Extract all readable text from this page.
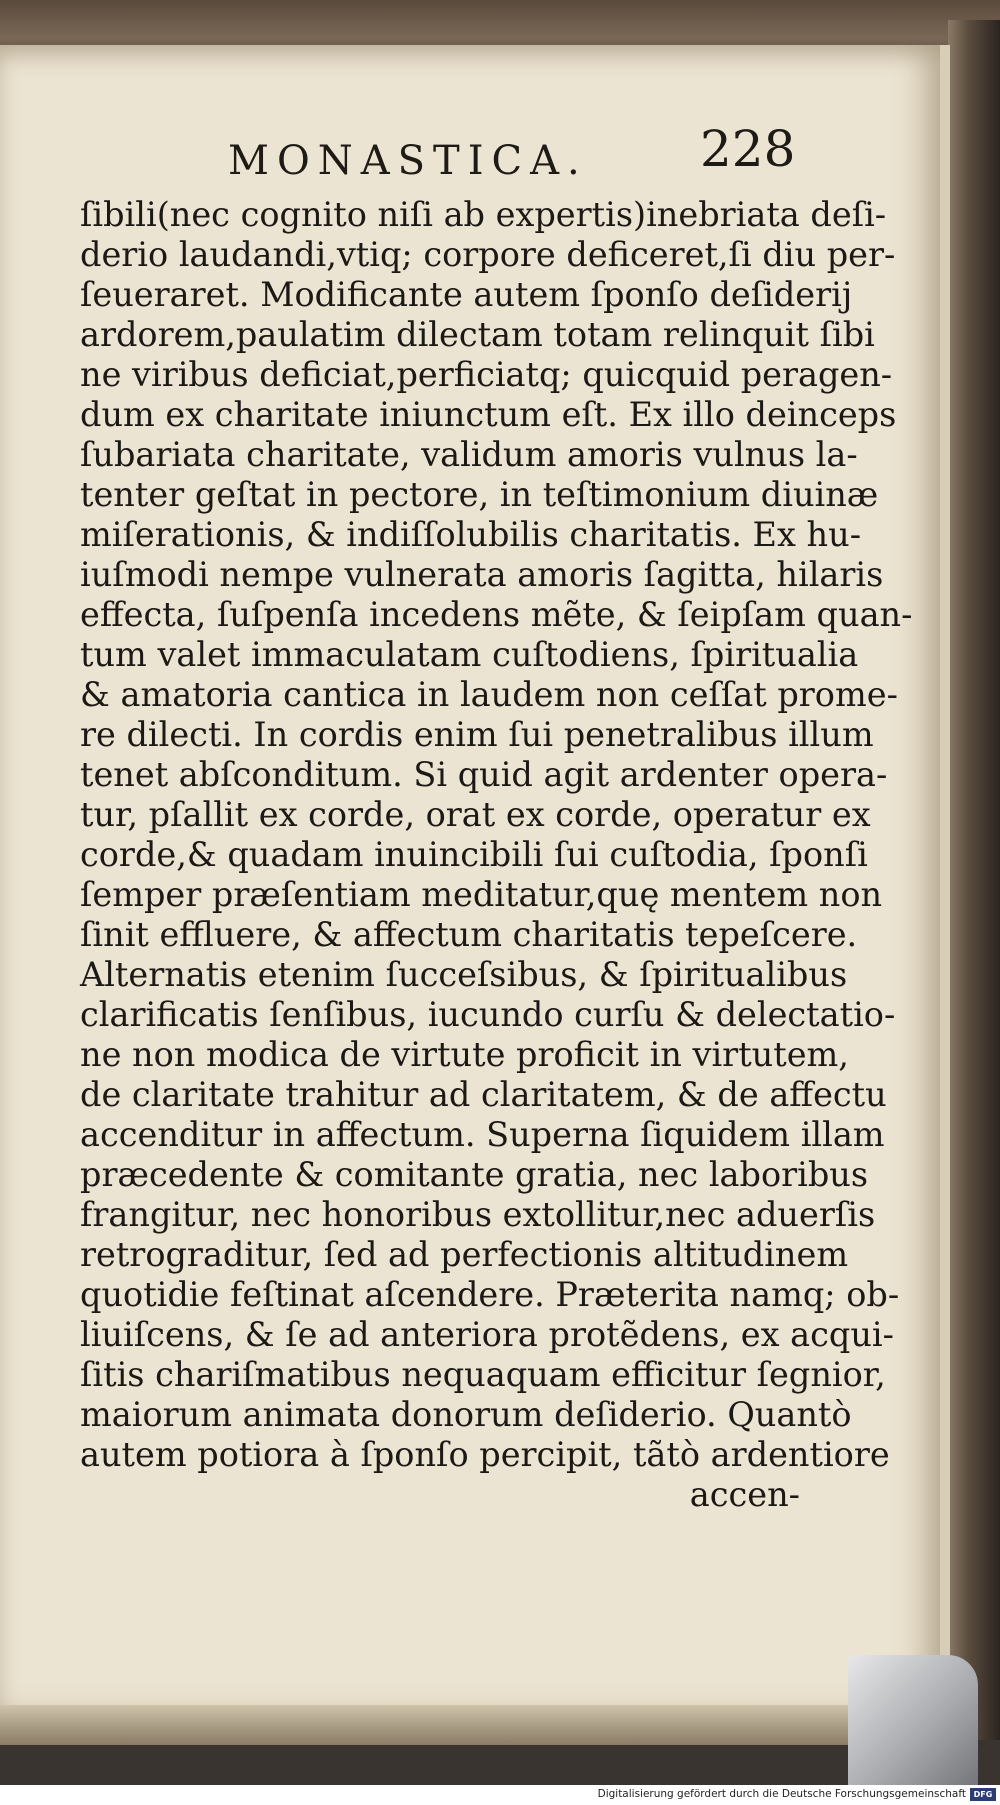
MONASTICA. 228
ſibili(nec cognito niſi ab expertis)inebriata deſi-
derio laudandi,vtiq; corpore deficeret,ſi diu per-
ſeueraret. Modificante autem ſponſo deſiderij
ardorem,paulatim dilectam totam relinquit ſibi
ne viribus deficiat,perficiatq; quicquid peragen-
dum ex charitate iniunctum eſt. Ex illo deinceps
ſubariata charitate, validum amoris vulnus la-
tenter geſtat in pectore, in teſtimonium diuinæ
miſerationis, & indiſſolubilis charitatis. Ex hu-
iuſmodi nempe vulnerata amoris ſagitta, hilaris
effecta, ſuſpenſa incedens mẽte, & ſeipſam quan-
tum valet immaculatam cuſtodiens, ſpiritualia
& amatoria cantica in laudem non ceſſat prome-
re dilecti. In cordis enim ſui penetralibus illum
tenet abſconditum. Si quid agit ardenter opera-
tur, pſallit ex corde, orat ex corde, operatur ex
corde,& quadam inuincibili ſui cuſtodia, ſponſi
ſemper præſentiam meditatur,quę mentem non
ſinit effluere, & affectum charitatis tepeſcere.
Alternatis etenim ſucceſsibus, & ſpiritualibus
clarificatis ſenſibus, iucundo curſu & delectatio-
ne non modica de virtute proficit in virtutem,
de claritate trahitur ad claritatem, & de affectu
accenditur in affectum. Superna ſiquidem illam
præcedente & comitante gratia, nec laboribus
frangitur, nec honoribus extollitur,nec aduerſis
retrograditur, ſed ad perfectionis altitudinem
quotidie feſtinat aſcendere. Præterita namq; ob-
liuiſcens, & ſe ad anteriora protẽdens, ex acqui-
ſitis chariſmatibus nequaquam efficitur ſegnior,
maiorum animata donorum deſiderio. Quantò
autem potiora à ſponſo percipit, tãtò ardentiore
accen-
Digitalisierung gefördert durch die Deutsche Forschungsgemeinschaft DFG
